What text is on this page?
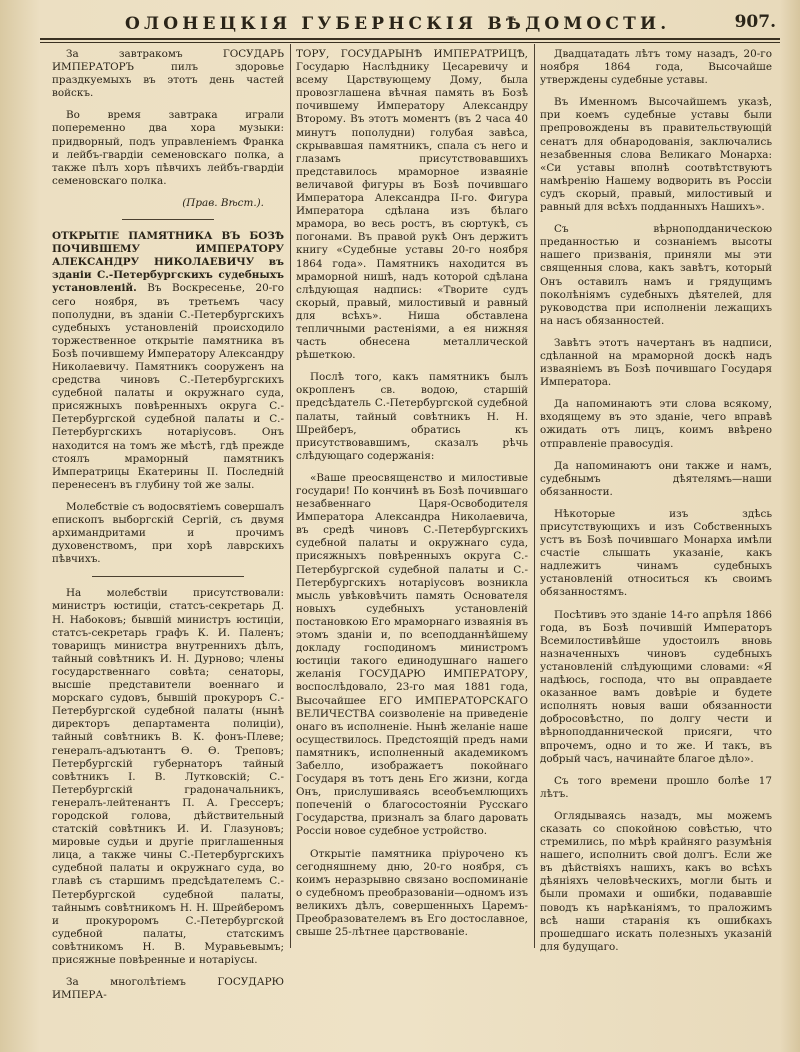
ОЛОНЕЦКІЯ ГУБЕРНСКІЯ ВѢДОМОСТИ.	907.

За завтракомъ ГОСУДАРЬ ИМПЕРАТОРЪ пилъ здоровье праздкуемыхъ въ этотъ день частей войскъ.

Во время завтрака играли попеременно два хора музыки: придворный, подъ управленіемъ Франка и лейбъ-гвардіи семеновскаго полка, а также пѣлъ хоръ пѣвчихъ лейбъ-гвардіи семеновскаго полка.

(Прав. Вѣст.).

ОТКРЫТІЕ ПАМЯТНИКА ВЪ БОЗѢ ПОЧИВШЕМУ ИМПЕРАТОРУ АЛЕКСАНДРУ НИКОЛАЕВИЧУ въ зданіи С.-Петербургскихъ судебныхъ установленій. Въ Воскресенье, 20-го сего ноября, въ третьемъ часу пополудни, въ зданіи С.-Петербургскихъ судебныхъ установленій происходило торжественное открытіе памятника въ Бозѣ почившему Императору Александру Николаевичу. Памятникъ сооруженъ на средства чиновъ С.-Петербургскихъ судебной палаты и окружнаго суда, присяжныхъ повѣренныхъ округа С.-Петербургской судебной палаты и С.-Петербургскихъ нотаріусовъ. Онъ находится на томъ же мѣстѣ, гдѣ прежде стоялъ мраморный памятникъ Императрицы Екатерины II. Последній перенесенъ въ глубину той же залы.

Молебствіе съ водосвятіемъ совершалъ епископъ выборгскій Сергій, съ двумя архимандритами и прочимъ духовенствомъ, при хорѣ лаврскихъ пѣвчихъ.

На молебствіи присутствовали: министръ юстиціи, статсъ-секретарь Д. Н. Набоковъ; бывшій министръ юстиціи, статсъ-секретарь графъ К. И. Паленъ; товарищъ министра внутреннихъ дѣлъ, тайный совѣтникъ И. Н. Дурново; члены государственнаго совѣта; сенаторы, высшіе представители военнаго и морскаго судовъ, бывшій прокуроръ С.-Петербургской судебной палаты (нынѣ директоръ департамента полиціи), тайный совѣтникъ В. К. фонъ-Плеве; генералъ-адъютантъ Ѳ. Ѳ. Треповъ; Петербургскій губернаторъ тайный совѣтникъ І. В. Лутковскій; С.-Петербургскій градоначальникъ, генералъ-лейтенантъ П. А. Грессеръ; городской голова, дѣйствительный статскій совѣтникъ И. И. Глазуновъ; мировые судьи и другіе приглашенныя лица, а также чины С.-Петербургскихъ судебной палаты и окружнаго суда, во главѣ съ старшимъ предсѣдателемъ С.-Петербургской судебной палаты, тайнымъ совѣтникомъ Н. Н. Шрейберомъ и прокуроромъ С.-Петербургской судебной палаты, статскимъ совѣтникомъ Н. В. Муравьевымъ; присяжные повѣренные и нотаріусы.

За многолѣтіемъ ГОСУДАРЮ ИМПЕРА-

ТОРУ, ГОСУДАРЫНѢ ИМПЕРАТРИЦѢ, Государю Наслѣднику Цесаревичу и всему Царствующему Дому, была провозглашена вѣчная память въ Бозѣ почившему Императору Александру Второму. Въ этотъ моментъ (въ 2 часа 40 минутъ пополудни) голубая завѣса, скрывавшая памятникъ, спала съ него и глазамъ присутствовавшихъ представилось мраморное изваяніе величавой фигуры въ Бозѣ почившаго Императора Александра II-го. Фигура Императора сдѣлана изъ бѣлаго мрамора, во весь ростъ, въ сюртукѣ, съ погонами. Въ правой рукѣ Онъ держитъ книгу «Судебные уставы 20-го ноября 1864 года». Памятникъ находится въ мраморной нишѣ, надъ которой сдѣлана слѣдующая надпись: «Творите судъ скорый, правый, милостивый и равный для всѣхъ». Ниша обставлена тепличными растеніями, а ея нижняя часть обнесена металлической рѣшеткою.

Послѣ того, какъ памятникъ былъ окропленъ св. водою, старшій предсѣдатель С.-Петербургской судебной палаты, тайный совѣтникъ Н. Н. Шрейберъ, обратись къ присутствовавшимъ, сказалъ рѣчь слѣдующаго содержанія:

«Ваше преосвященство и милостивые государи! По кончинѣ въ Бозѣ почившаго незабвеннаго Царя-Освободителя Императора Александра Николаевича, въ средѣ чиновъ С.-Петербургскихъ судебной палаты и окружнаго суда, присяжныхъ повѣренныхъ округа С.-Петербургской судебной палаты и С.-Петербургскихъ нотаріусовъ возникла мысль увѣковѣчить память Основателя новыхъ судебныхъ установленій постановкою Его мраморнаго изваянія въ этомъ зданіи и, по всеподданнѣйшему докладу господиномъ министромъ юстиціи такого единодушнаго нашего желанія ГОСУДАРЮ ИМПЕРАТОРУ, воспослѣдовало, 23-го мая 1881 года, Высочайшее ЕГО ИМПЕРАТОРСКАГО ВЕЛИЧЕСТВА соизволеніе на приведеніе онаго въ исполненіе. Нынѣ желаніе наше осуществилось. Предстоящій предъ нами памятникъ, исполненный академикомъ Забелло, изображаетъ покойнаго Государя въ тотъ день Его жизни, когда Онъ, прислушиваясь всеобъемлющихъ попеченій о благосостояніи Русскаго Государства, призналъ за благо даровать Россіи новое судебное устройство.

Открытіе памятника пріурочено къ сегодняшнему дню, 20-го ноября, съ коимъ неразрывно связано воспоминаніе о судебномъ преобразованіи—одномъ изъ великихъ дѣлъ, совершенныхъ Царемъ-Преобразователемъ въ Его достославное, свыше 25-лѣтнее царствованіе.

Двадцатадать лѣтъ тому назадъ, 20-го ноября 1864 года, Высочайше утверждены судебные уставы.

Въ Именномъ Высочайшемъ указѣ, при коемъ судебные уставы были препровождены въ правительствующій сенатъ для обнародованія, заключались незабвенныя слова Великаго Монарха: «Си уставы вполнѣ соотвѣтствуютъ намѣренію Нашему водворить въ Россіи судъ скорый, правый, милостивый и равный для всѣхъ подданныхъ Нашихъ».

Съ вѣрноподданическою преданностью и сознаніемъ высоты нашего призванія, приняли мы эти священныя слова, какъ завѣтъ, который Онъ оставилъ намъ и грядущимъ поколѣніямъ судебныхъ дѣятелей, для руководства при исполненіи лежащихъ на насъ обязанностей.

Завѣтъ этотъ начертанъ въ надписи, сдѣланной на мраморной доскѣ надъ изваяніемъ въ Бозѣ почившаго Государя Императора.

Да напоминаютъ эти слова всякому, входящему въ это зданіе, чего вправѣ ожидать отъ лицъ, коимъ ввѣрено отправленіе правосудія.

Да напоминаютъ они также и намъ, судебнымъ дѣятелямъ—наши обязанности.

Нѣкоторые изъ здѣсь присутствующихъ и изъ Собственныхъ устъ въ Бозѣ почившаго Монарха имѣли счастіе слышать указаніе, какъ надлежитъ чинамъ судебныхъ установленій относиться къ своимъ обязанностямъ.

Посѣтивъ это зданіе 14-го апрѣля 1866 года, въ Бозѣ почившій Императоръ Всемилостивѣйше удостоилъ вновь назначенныхъ чиновъ судебныхъ установленій слѣдующими словами: «Я надѣюсь, господа, что вы оправдаете оказанное вамъ довѣріе и будете исполнять новыя ваши обязанности добросовѣстно, по долгу чести и вѣрноподданнической присяги, что впрочемъ, одно и то же. И такъ, въ добрый часъ, начинайте благое дѣло».

Съ того времени прошло болѣе 17 лѣтъ.

Оглядываясь назадъ, мы можемъ сказать со спокойною совѣстью, что стремились, по мѣрѣ крайняго разумѣнія нашего, исполнить свой долгъ. Если же въ дѣйствіяхъ нашихъ, какъ во всѣхъ дѣяніяхъ человѣческихъ, могли быть и были промахи и ошибки, подававшіе поводъ къ нарѣканіямъ, то праложимъ всѣ наши старанія къ ошибкахъ прошедшаго искать полезныхъ указаній для будущаго.
